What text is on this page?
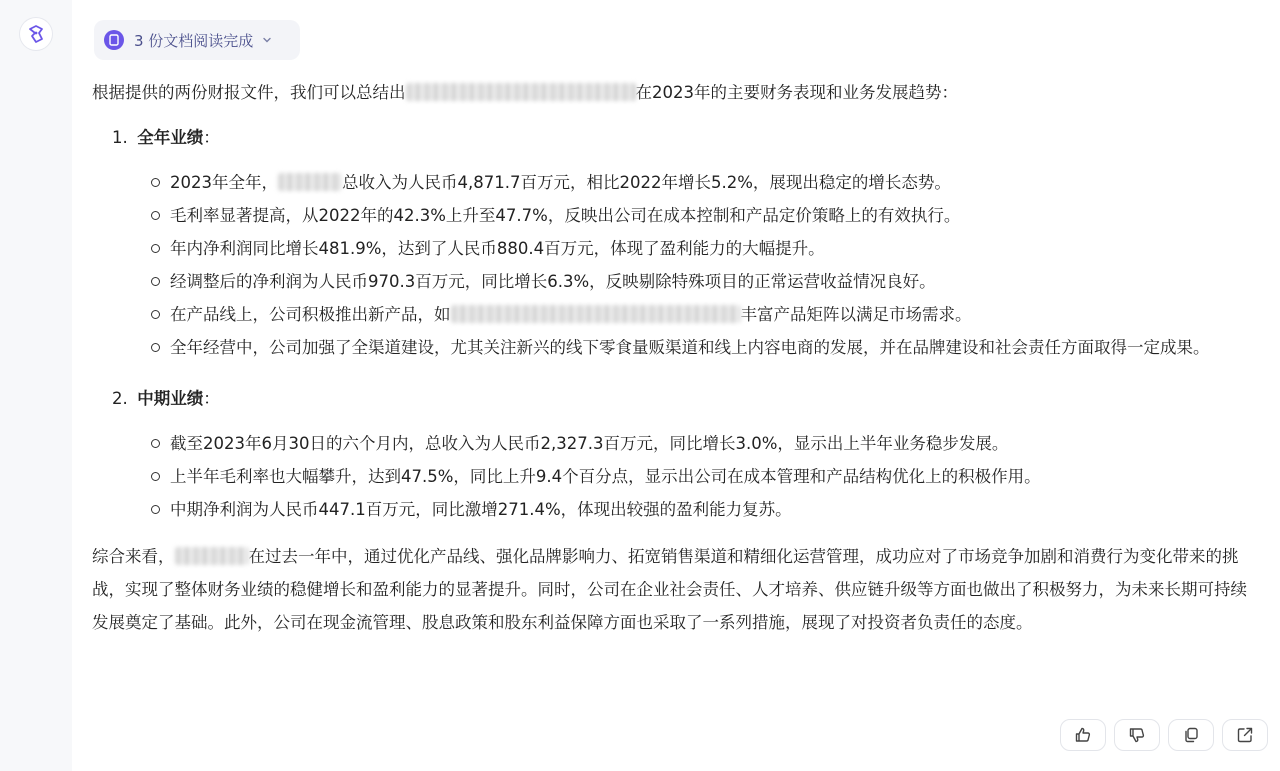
3 份文档阅读完成
根据提供的两份财报文件，我们可以总结出	在2023年的主要财务表现和业务发展趋势：
1. 全年业绩：
2023年全年，	总收入为人民币4,871.7百万元，相比2022年增长5.2%，展现出稳定的增长态势。
毛利率显著提高，从2022年的42.3%上升至47.7%，反映出公司在成本控制和产品定价策略上的有效执行。
年内净利润同比增长481.9%，达到了人民币880.4百万元，体现了盈利能力的大幅提升。
经调整后的净利润为人民币970.3百万元，同比增长6.3%，反映剔除特殊项目的正常运营收益情况良好。
在产品线上，公司积极推出新产品，如	丰富产品矩阵以满足市场需求。
全年经营中，公司加强了全渠道建设，尤其关注新兴的线下零食量贩渠道和线上内容电商的发展，并在品牌建设和社会责任方面取得一定成果。
2. 中期业绩：
截至2023年6月30日的六个月内，总收入为人民币2,327.3百万元，同比增长3.0%，显示出上半年业务稳步发展。
上半年毛利率也大幅攀升，达到47.5%，同比上升9.4个百分点，显示出公司在成本管理和产品结构优化上的积极作用。
中期净利润为人民币447.1百万元，同比激增271.4%，体现出较强的盈利能力复苏。
综合来看，	在过去一年中，通过优化产品线、强化品牌影响力、拓宽销售渠道和精细化运营管理，成功应对了市场竞争加剧和消费行为变化带来的挑战，实现了整体财务业绩的稳健增长和盈利能力的显著提升。同时，公司在企业社会责任、人才培养、供应链升级等方面也做出了积极努力，为未来长期可持续发展奠定了基础。此外，公司在现金流管理、股息政策和股东利益保障方面也采取了一系列措施，展现了对投资者负责任的态度。
